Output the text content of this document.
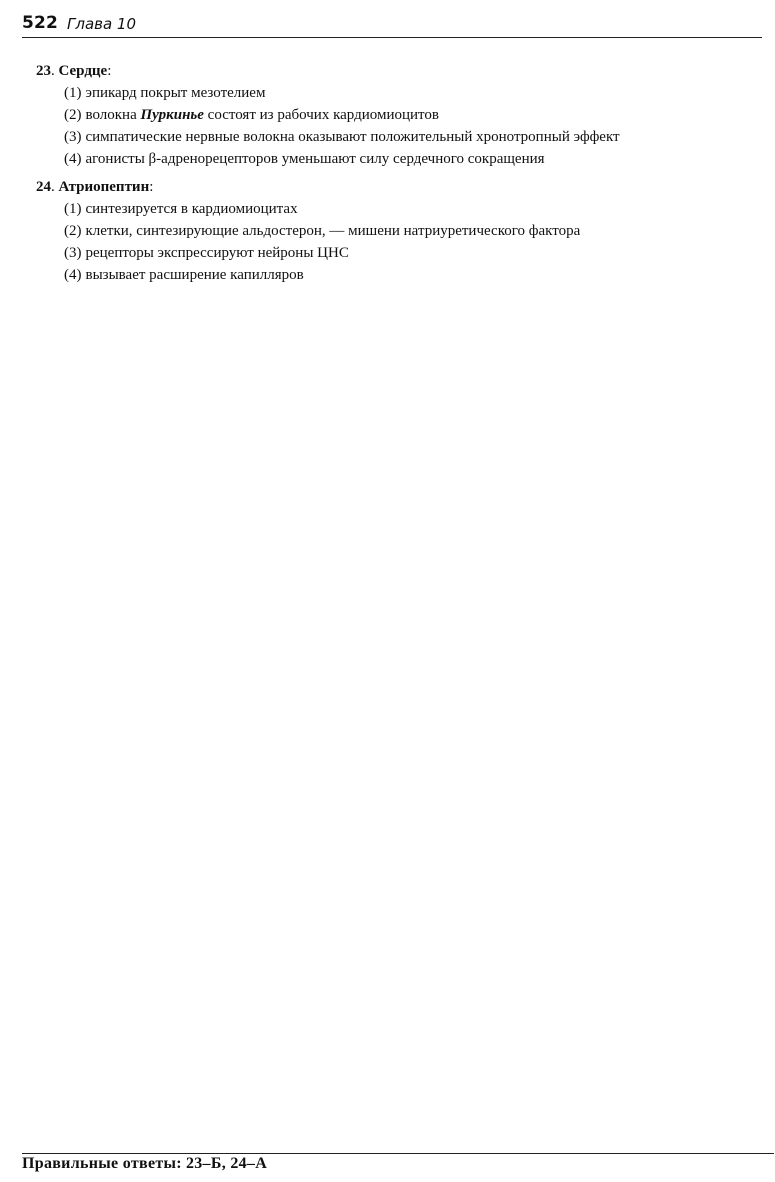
522 Глава 10
23. Сердце:
(1) эпикард покрыт мезотелием
(2) волокна Пуркинье состоят из рабочих кардиомиоцитов
(3) симпатические нервные волокна оказывают положительный хронотропный эффект
(4) агонисты β-адренорецепторов уменьшают силу сердечного сокращения
24. Атриопептин:
(1) синтезируется в кардиомиоцитах
(2) клетки, синтезирующие альдостерон, — мишени натриуретического фактора
(3) рецепторы экспрессируют нейроны ЦНС
(4) вызывает расширение капилляров
Правильные ответы: 23–Б, 24–А
